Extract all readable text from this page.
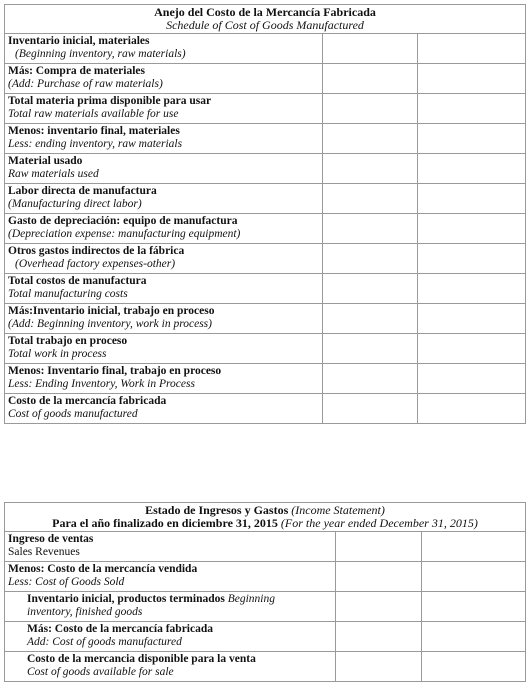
Anejo del Costo de la Mercancía Fabricada
Schedule of Cost of Goods Manufactured		

Inventario inicial, materiales
(Beginning inventory, raw materials)		

Más: Compra de materiales
(Add: Purchase of raw materials)		

Total materia prima disponible para usar
Total raw materials available for use		

Menos: inventario final, materiales
Less: ending inventory, raw materials		

Material usado
Raw materials used		

Labor directa de manufactura
(Manufacturing direct labor)		

Gasto de depreciación: equipo de manufactura
(Depreciation expense: manufacturing equipment)		

Otros gastos indirectos de la fábrica
(Overhead factory expenses-other)		

Total costos de manufactura
Total manufacturing costs		

Más:Inventario inicial, trabajo en proceso
(Add: Beginning inventory, work in process)		

Total trabajo en proceso
Total work in process		

Menos: Inventario final, trabajo en proceso
Less: Ending Inventory, Work in Process		

Costo de la mercancía fabricada
Cost of goods manufactured		

Estado de Ingresos y Gastos (Income Statement)
Para el año finalizado en diciembre 31, 2015 (For the year ended December 31, 2015)		

Ingreso de ventas
Sales Revenues		

Menos: Costo de la mercancía vendida
Less: Cost of Goods Sold		

Inventario inicial, productos terminados Beginning
inventory, finished goods		

Más: Costo de la mercancía fabricada
Add: Cost of goods manufactured		

Costo de la mercancia disponible para la venta
Cost of goods available for sale		
